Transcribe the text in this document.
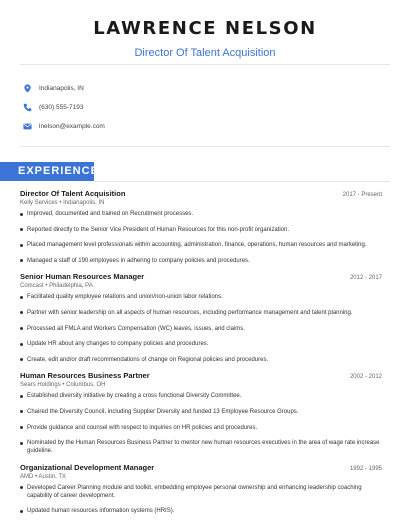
LAWRENCE NELSON
Director Of Talent Acquisition
Indianapolis, IN
(630) 555-7193
lnelson@example.com
EXPERIENCE
Director Of Talent Acquisition	2017 - Present
Kelly Services • Indianapolis, IN
Improved, documented and trained on Recruitment processes.
Reported directly to the Senior Vice President of Human Resources for this non-profit organization.
Placed management level professionals within accounting, administration, finance, operations, human resources and marketing.
Managed a staff of 190 employees in adhering to company policies and procedures.
Senior Human Resources Manager	2012 - 2017
Comcast • Philadelphia, PA
Facilitated quality employee relations and union/non-union labor relations.
Partner with senior leadership on all aspects of human resources, including performance management and talent planning.
Processed all FMLA and Workers Compensation (WC) leaves, issues, and claims.
Update HR about any changes to company policies and procedures.
Create, edit and/or draft recommendations of change on Regional policies and procedures.
Human Resources Business Partner	2002 - 2012
Sears Holdings • Columbus, OH
Established diversity initiative by creating a cross functional Diversity Committee.
Chaired the Diversity Council, including Supplier Diversity and funded 13 Employee Resource Groups.
Provide guidance and counsel with respect to inquiries on HR policies and procedures.
Nominated by the Human Resources Business Partner to mentor new human resources executives in the area of wage rate increase guideline.
Organizational Development Manager	1992 - 1995
AMD • Austin, TX
Developed Career Planning module and toolkit, embedding employee personal ownership and enhancing leadership coaching capability of career development.
Updated human resources information systems (HRIS).
